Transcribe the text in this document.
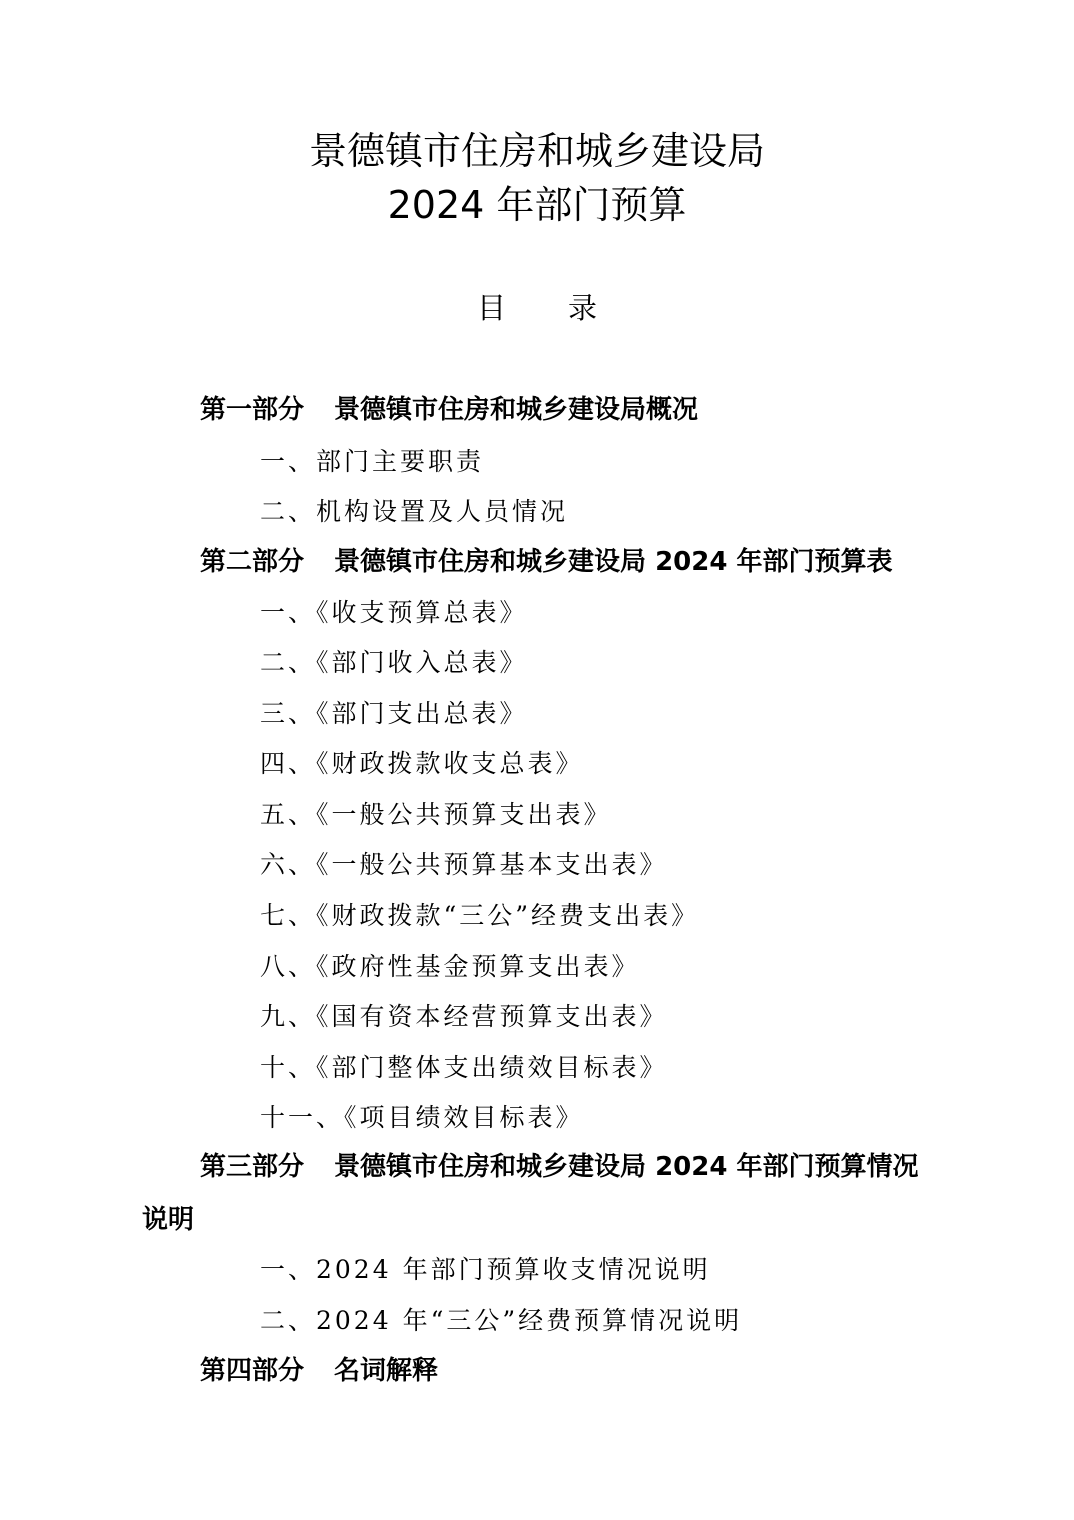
景德镇市住房和城乡建设局
2024 年部门预算
目 录
第一部分 景德镇市住房和城乡建设局概况
一、部门主要职责
二、机构设置及人员情况
第二部分 景德镇市住房和城乡建设局 2024 年部门预算表
一、《收支预算总表》
二、《部门收入总表》
三、《部门支出总表》
四、《财政拨款收支总表》
五、《一般公共预算支出表》
六、《一般公共预算基本支出表》
七、《财政拨款“三公”经费支出表》
八、《政府性基金预算支出表》
九、《国有资本经营预算支出表》
十、《部门整体支出绩效目标表》
十一、《项目绩效目标表》
第三部分 景德镇市住房和城乡建设局 2024 年部门预算情况说明
一、2024 年部门预算收支情况说明
二、2024 年“三公”经费预算情况说明
第四部分 名词解释
